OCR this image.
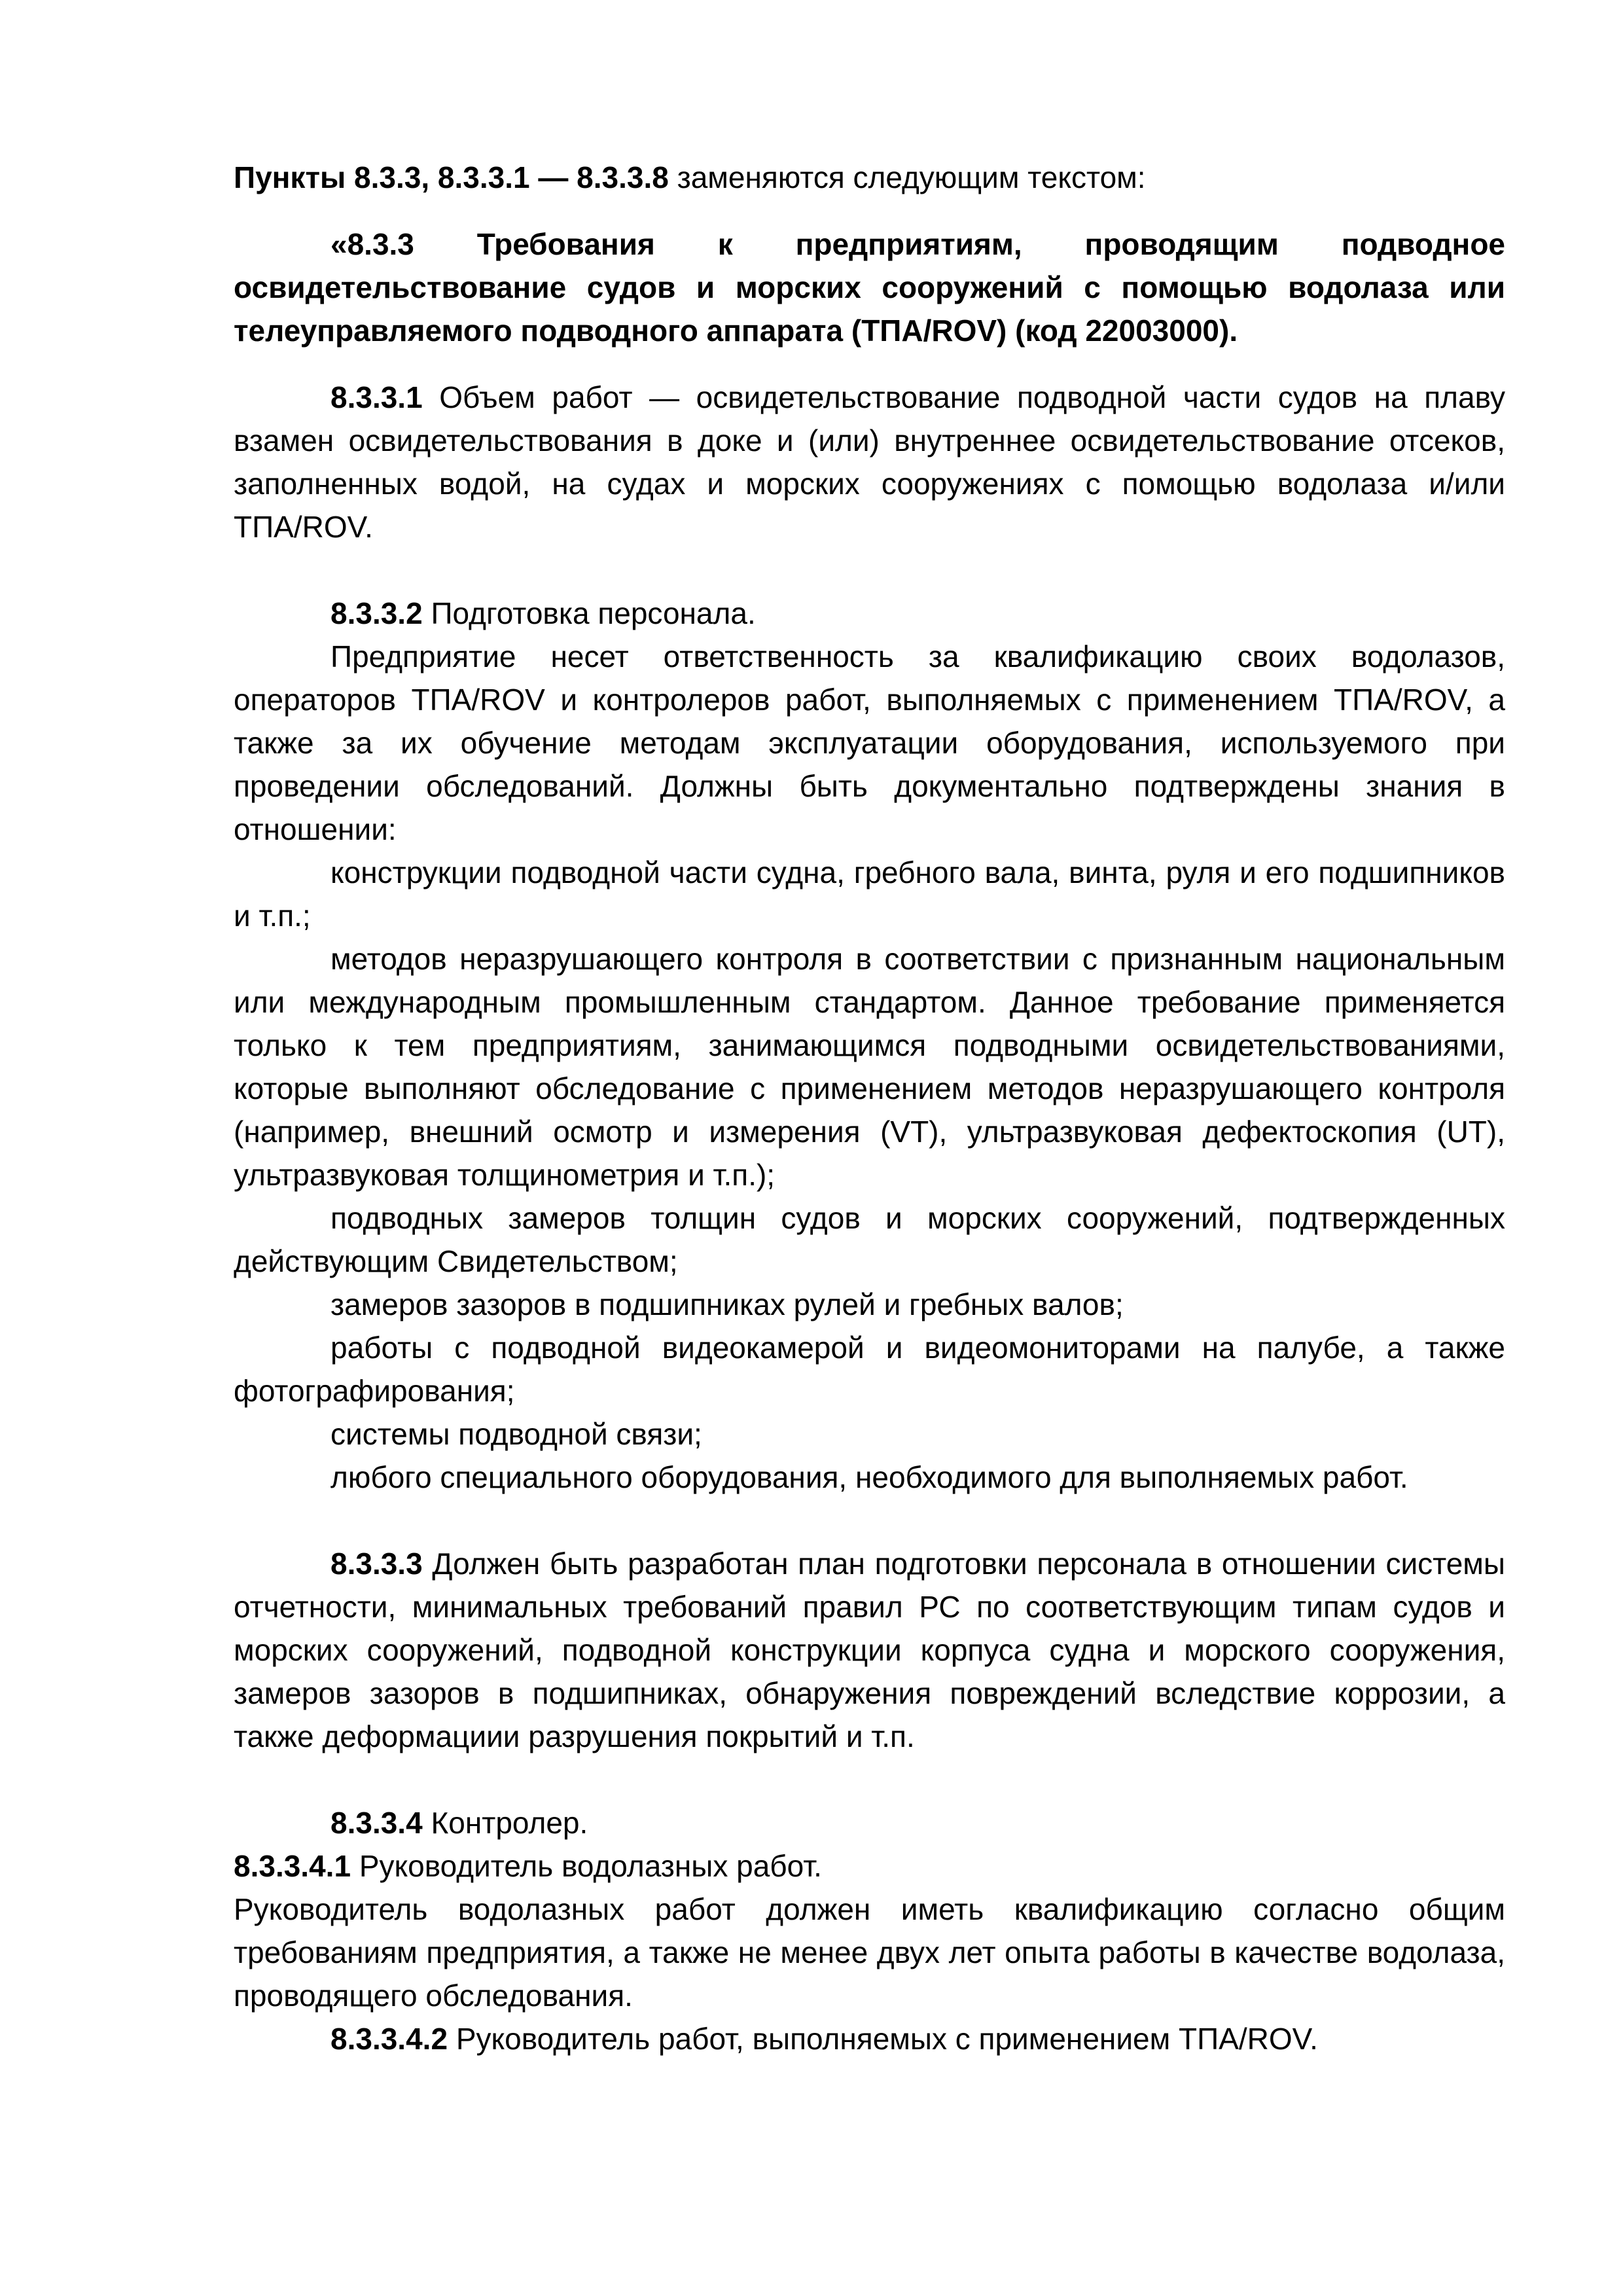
Пункты 8.3.3, 8.3.3.1 — 8.3.3.8 заменяются следующим текстом:

«8.3.3 Требования к предприятиям, проводящим подводное освидетельствование судов и морских сооружений с помощью водолаза или телеуправляемого подводного аппарата (ТПА/ROV) (код 22003000).

8.3.3.1 Объем работ — освидетельствование подводной части судов на плаву взамен освидетельствования в доке и (или) внутреннее освидетельствование отсеков, заполненных водой, на судах и морских сооружениях с помощью водолаза и/или ТПА/ROV.

8.3.3.2 Подготовка персонала.

Предприятие несет ответственность за квалификацию своих водолазов, операторов ТПА/ROV и контролеров работ, выполняемых с применением ТПА/ROV, а также за их обучение методам эксплуатации оборудования, используемого при проведении обследований. Должны быть документально подтверждены знания в отношении:

конструкции подводной части судна, гребного вала, винта, руля и его подшипников и т.п.;

методов неразрушающего контроля в соответствии с признанным национальным или международным промышленным стандартом. Данное требование применяется только к тем предприятиям, занимающимся подводными освидетельствованиями, которые выполняют обследование с применением методов неразрушающего контроля (например, внешний осмотр и измерения (VT), ультразвуковая дефектоскопия (UT), ультразвуковая толщинометрия и т.п.);

подводных замеров толщин судов и морских сооружений, подтвержденных действующим Свидетельством;

замеров зазоров в подшипниках рулей и гребных валов;

работы с подводной видеокамерой и видеомониторами на палубе, а также фотографирования;

системы подводной связи;

любого специального оборудования, необходимого для выполняемых работ.

8.3.3.3 Должен быть разработан план подготовки персонала в отношении системы отчетности, минимальных требований правил РС по соответствующим типам судов и морских сооружений, подводной конструкции корпуса судна и морского сооружения, замеров зазоров в подшипниках, обнаружения повреждений вследствие коррозии, а также деформациии разрушения покрытий и т.п.

8.3.3.4 Контролер.

8.3.3.4.1 Руководитель водолазных работ.

Руководитель водолазных работ должен иметь квалификацию согласно общим требованиям предприятия, а также не менее двух лет опыта работы в качестве водолаза, проводящего обследования.

8.3.3.4.2 Руководитель работ, выполняемых с применением ТПА/ROV.
